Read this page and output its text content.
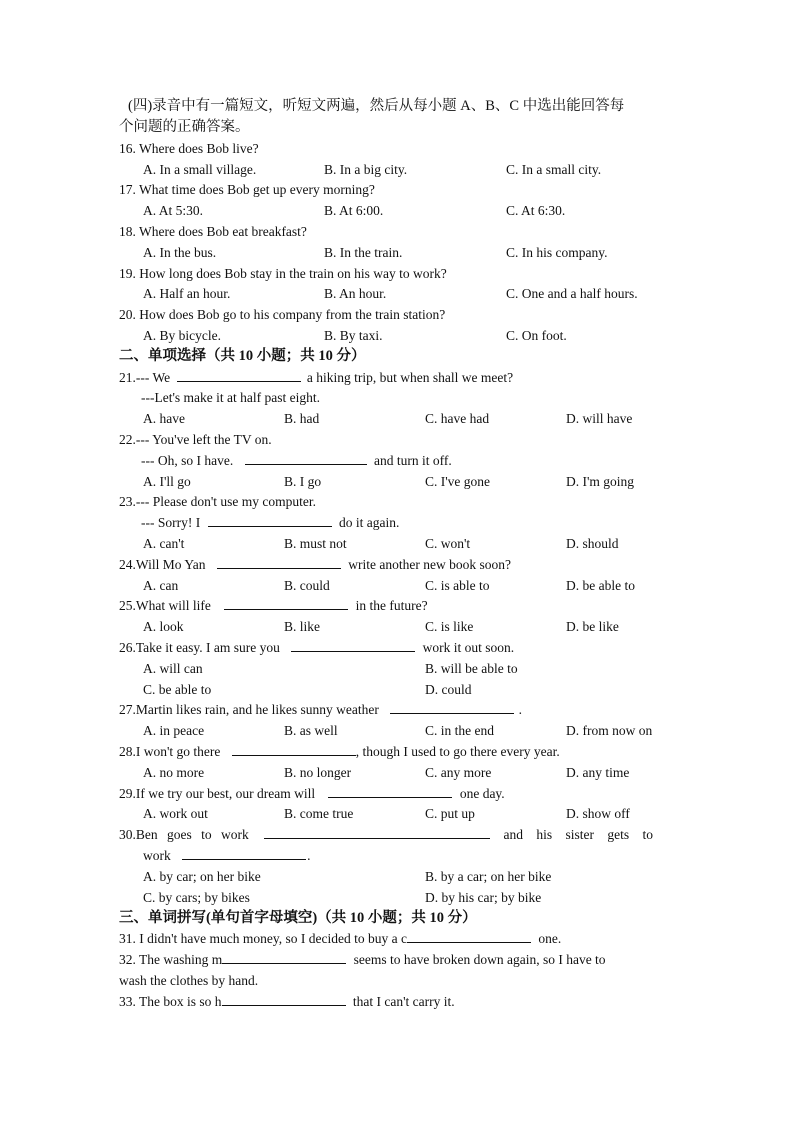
(四)录音中有一篇短文，听短文两遍，然后从每小题 A、B、C 中选出能回答每
个问题的正确答案。
16. Where does Bob live?
A. In a small village.	B. In a big city.	C. In a small city.
17. What time does Bob get up every morning?
A. At 5:30.	B. At 6:00.	C. At 6:30.
18. Where does Bob eat breakfast?
A. In the bus.	B. In the train.	C. In his company.
19. How long does Bob stay in the train on his way to work?
A. Half an hour.	B. An hour.	C. One and a half hours.
20. How does Bob go to his company from the train station?
A. By bicycle.	B. By taxi.	C. On foot.
二、单项选择（共 10 小题；共 10 分）
21.--- We	a hiking trip, but when shall we meet?
---Let's make it at half past eight.
A. have	B. had	C. have had	D. will have
22.--- You've left the TV on.
--- Oh, so I have.	and turn it off.
A. I'll go	B. I go	C. I've gone	D. I'm going
23.--- Please don't use my computer.
--- Sorry! I	do it again.
A. can't	B. must not	C. won't	D. should
24.Will Mo Yan	write another new book soon?
A. can	B. could	C. is able to	D. be able to
25.What will life	in the future?
A. look	B. like	C. is like	D. be like
26.Take it easy. I am sure you	work it out soon.
A. will can	B. will be able to
C. be able to	D. could
27.Martin likes rain, and he likes sunny weather	.
A. in peace	B. as well	C. in the end	D. from now on
28.I won't go there	, though I used to go there every year.
A. no more	B. no longer	C. any more	D. any time
29.If we try our best, our dream will	one day.
A. work out	B. come true	C. put up	D. show off
30.Ben goes to work	and his sister gets to
work	.
A. by car; on her bike	B. by a car; on her bike
C. by cars; by bikes	D. by his car; by bike
三、单词拼写(单句首字母填空)（共 10 小题；共 10 分）
31. I didn't have much money, so I decided to buy a c	one.
32. The washing m	seems to have broken down again, so I have to
wash the clothes by hand.
33. The box is so h	that I can't carry it.
